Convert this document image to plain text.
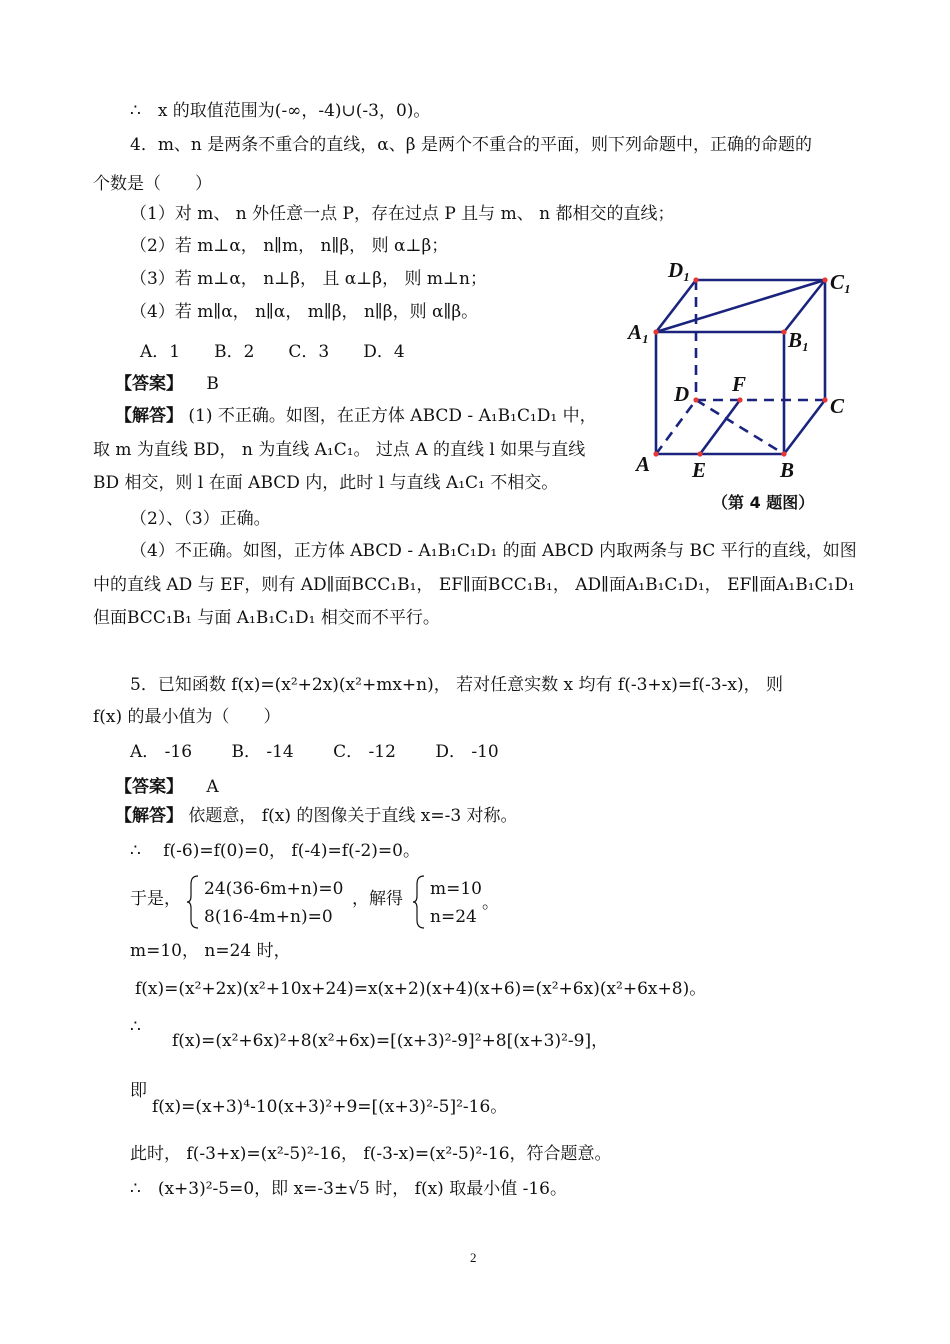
∴　x 的取值范围为(-∞，-4)∪(-3，0)。
4．m、n 是两条不重合的直线，α、β 是两个不重合的平面，则下列命题中，正确的命题的
个数是（　　）
（1）对 m、 n 外任意一点 P，存在过点 P 且与 m、 n 都相交的直线；
（2）若 m⊥α， n∥m， n∥β， 则 α⊥β；
（3）若 m⊥α， n⊥β， 且 α⊥β， 则 m⊥n；
（4）若 m∥α， n∥α， m∥β， n∥β，则 α∥β。
A．1　　B．2　　C．3　　D．4
【答案】 B
【解答】 (1) 不正确。如图，在正方体 ABCD - A₁B₁C₁D₁ 中，
取 m 为直线 BD， n 为直线 A₁C₁。 过点 A 的直线 l 如果与直线
BD 相交，则 l 在面 ABCD 内，此时 l 与直线 A₁C₁ 不相交。
（2）、（3）正确。
（4）不正确。如图，正方体 ABCD - A₁B₁C₁D₁ 的面 ABCD 内取两条与 BC 平行的直线，如图
中的直线 AD 与 EF，则有 AD∥面BCC₁B₁， EF∥面BCC₁B₁， AD∥面A₁B₁C₁D₁， EF∥面A₁B₁C₁D₁
但面BCC₁B₁ 与面 A₁B₁C₁D₁ 相交而不平行。
5．已知函数 f(x)=(x²+2x)(x²+mx+n)， 若对任意实数 x 均有 f(-3+x)=f(-3-x)， 则
f(x) 的最小值为（　　）
A． -16　　 B． -14　　 C． -12　　 D． -10
【答案】 A
【解答】 依题意， f(x) 的图像关于直线 x=-3 对称。
∴　 f(-6)=f(0)=0， f(-4)=f(-2)=0。
于是， 24(36-6m+n)=0
8(16-4m+n)=0
，解得 m=10
n=24
。
m=10， n=24 时，
f(x)=(x²+2x)(x²+10x+24)=x(x+2)(x+4)(x+6)=(x²+6x)(x²+6x+8)。
∴
f(x)=(x²+6x)²+8(x²+6x)=[(x+3)²-9]²+8[(x+3)²-9]，
即
f(x)=(x+3)⁴-10(x+3)²+9=[(x+3)²-5]²-16。
此时， f(-3+x)=(x²-5)²-16， f(-3-x)=(x²-5)²-16，符合题意。
∴　(x+3)²-5=0，即 x=-3±√5 时， f(x) 取最小值 -16。
D₁	C₁
A₁	B₁
D F
C
A E	B
（第 4 题图）
2
